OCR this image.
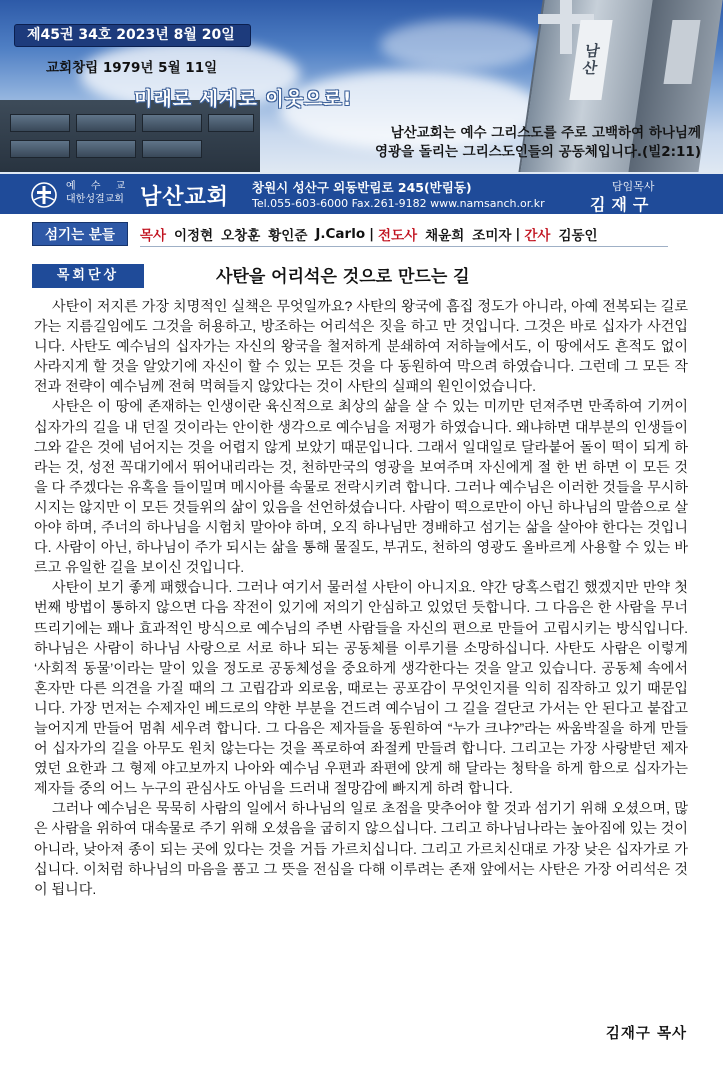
남산
제45권 34호 2023년 8월 20일
교회창립 1979년 5월 11일
미래로 세계로 이웃으로!
남산교회는 예수 그리스도를 주로 고백하여 하나님께
영광을 돌리는 그리스도인들의 공동체입니다.(빌2:11)
예 수 교
대한성결교회 남산교회 창원시 성산구 외동반림로 245(반림동)
Tel.055-603-6000 Fax.261-9182 www.namsanch.or.kr
담임목사
김재구
섬기는 분들	목사 이정현 오창훈 황인준 J.Carlo | 전도사 채윤희 조미자 | 간사 김동인
목회단상	사탄을 어리석은 것으로 만드는 길

사탄이 저지른 가장 치명적인 실책은 무엇일까요? 사탄의 왕국에 흠집 정도가 아니라, 아예 전복되는 길로 가는 지름길임에도 그것을 허용하고, 방조하는 어리석은 짓을 하고 만 것입니다. 그것은 바로 십자가 사건입니다. 사탄도 예수님의 십자가는 자신의 왕국을 철저하게 분쇄하여 저하늘에서도, 이 땅에서도 흔적도 없이 사라지게 할 것을 알았기에 자신이 할 수 있는 모든 것을 다 동원하여 막으려 하였습니다. 그런데 그 모든 작전과 전략이 예수님께 전혀 먹혀들지 않았다는 것이 사탄의 실패의 원인이었습니다.

사탄은 이 땅에 존재하는 인생이란 육신적으로 최상의 삶을 살 수 있는 미끼만 던져주면 만족하여 기꺼이 십자가의 길을 내 던질 것이라는 안이한 생각으로 예수님을 저평가 하였습니다. 왜냐하면 대부분의 인생들이 그와 같은 것에 넘어지는 것을 어렵지 않게 보았기 때문입니다. 그래서 일대일로 달라붙어 돌이 떡이 되게 하라는 것, 성전 꼭대기에서 뛰어내리라는 것, 천하만국의 영광을 보여주며 자신에게 절 한 번 하면 이 모든 것을 다 주겠다는 유혹을 들이밀며 메시아를 속물로 전락시키려 합니다. 그러나 예수님은 이러한 것들을 무시하시지는 않지만 이 모든 것들위의 삶이 있음을 선언하셨습니다. 사람이 떡으로만이 아닌 하나님의 말씀으로 살아야 하며, 주너의 하나님을 시험치 말아야 하며, 오직 하나님만 경배하고 섬기는 삶을 살아야 한다는 것입니다. 사람이 아닌, 하나님이 주가 되시는 삶을 통해 물질도, 부귀도, 천하의 영광도 올바르게 사용할 수 있는 바르고 유일한 길을 보이신 것입니다.

사탄이 보기 좋게 패했습니다. 그러나 여기서 물러설 사탄이 아니지요. 약간 당혹스럽긴 했겠지만 만약 첫 번째 방법이 통하지 않으면 다음 작전이 있기에 저의기 안심하고 있었던 듯합니다. 그 다음은 한 사람을 무너뜨리기에는 꽤나 효과적인 방식으로 예수님의 주변 사람들을 자신의 편으로 만들어 고립시키는 방식입니다. 하나님은 사람이 하나님 사랑으로 서로 하나 되는 공동체를 이루기를 소망하십니다. 사탄도 사람은 이렇게 ‘사회적 동물’이라는 말이 있을 정도로 공동체성을 중요하게 생각한다는 것을 알고 있습니다. 공동체 속에서 혼자만 다른 의견을 가질 때의 그 고립감과 외로움, 때로는 공포감이 무엇인지를 익히 짐작하고 있기 때문입니다. 가장 먼저는 수제자인 베드로의 약한 부분을 건드려 예수님이 그 길을 걸단코 가서는 안 된다고 붙잡고 늘어지게 만들어 멈춰 세우려 합니다. 그 다음은 제자들을 동원하여 “누가 크냐?”라는 싸움박질을 하게 만들어 십자가의 길을 아무도 원치 않는다는 것을 폭로하여 좌절케 만들려 합니다. 그리고는 가장 사랑받던 제자였던 요한과 그 형제 야고보까지 나아와 예수님 우편과 좌편에 앉게 해 달라는 청탁을 하게 함으로 십자가는 제자들 중의 어느 누구의 관심사도 아님을 드러내 절망감에 빠지게 하려 합니다.

그러나 예수님은 묵묵히 사람의 일에서 하나님의 일로 초점을 맞추어야 할 것과 섬기기 위해 오셨으며, 많은 사람을 위하여 대속물로 주기 위해 오셨음을 굽히지 않으십니다. 그리고 하나님나라는 높아짐에 있는 것이 아니라, 낮아져 종이 되는 곳에 있다는 것을 거듭 가르치십니다. 그리고 가르치신대로 가장 낮은 십자가로 가십니다. 이처럼 하나님의 마음을 품고 그 뜻을 전심을 다해 이루려는 존재 앞에서는 사탄은 가장 어리석은 것이 됩니다.

김재구 목사
